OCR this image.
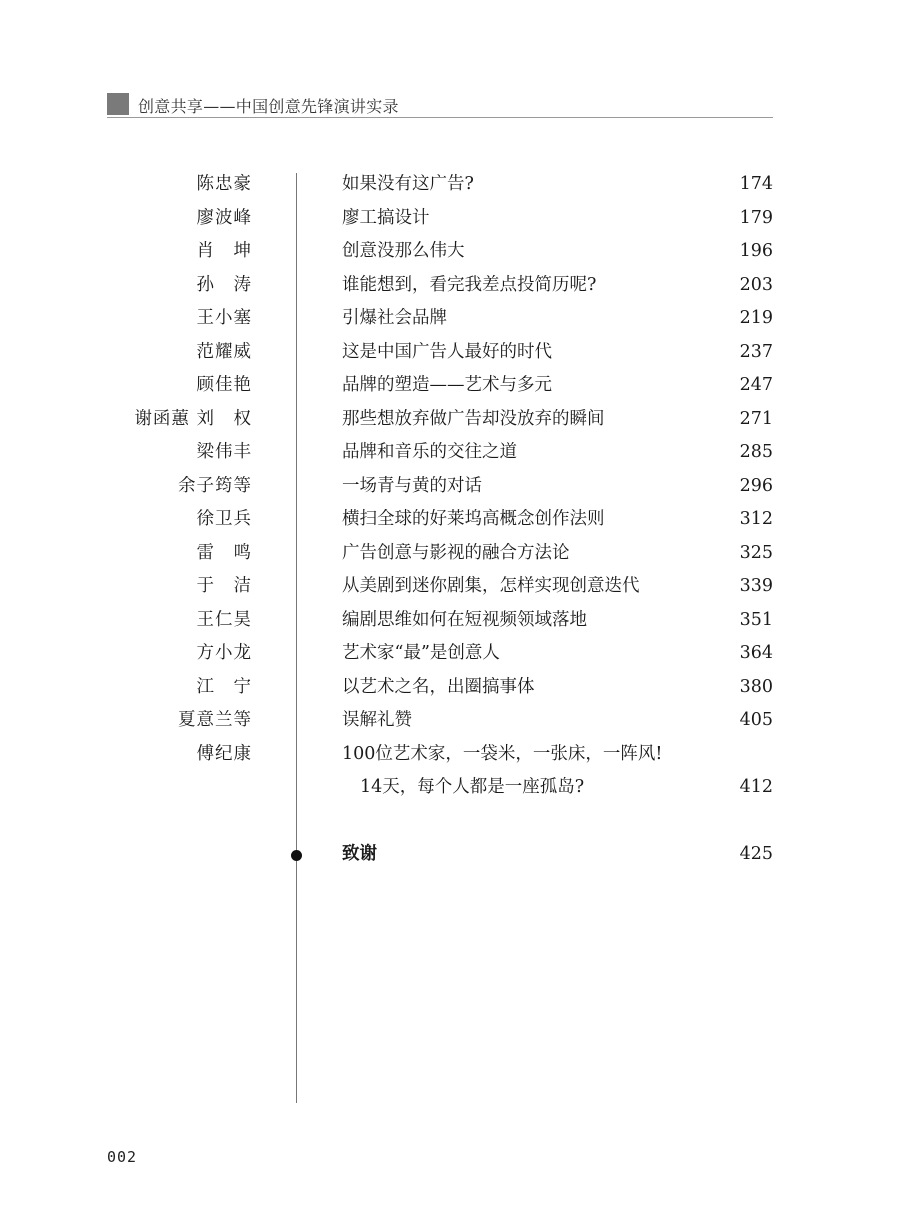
创意共享——中国创意先锋演讲实录
陈忠豪	如果没有这广告?	174
廖波峰	廖工搞设计	179
肖　坤	创意没那么伟大	196
孙　涛	谁能想到，看完我差点投简历呢?	203
王小塞	引爆社会品牌	219
范耀威	这是中国广告人最好的时代	237
顾佳艳	品牌的塑造——艺术与多元	247
谢函蕙 刘　权	那些想放弃做广告却没放弃的瞬间	271
梁伟丰	品牌和音乐的交往之道	285
余子筠等	一场青与黄的对话	296
徐卫兵	横扫全球的好莱坞高概念创作法则	312
雷　鸣	广告创意与影视的融合方法论	325
于　洁	从美剧到迷你剧集，怎样实现创意迭代	339
王仁昊	编剧思维如何在短视频领域落地	351
方小龙	艺术家“最”是创意人	364
江　宁	以艺术之名，出圈搞事体	380
夏意兰等	误解礼赞	405
傅纪康	100位艺术家，一袋米，一张床，一阵风!
14天，每个人都是一座孤岛?	412
致谢	425
002
